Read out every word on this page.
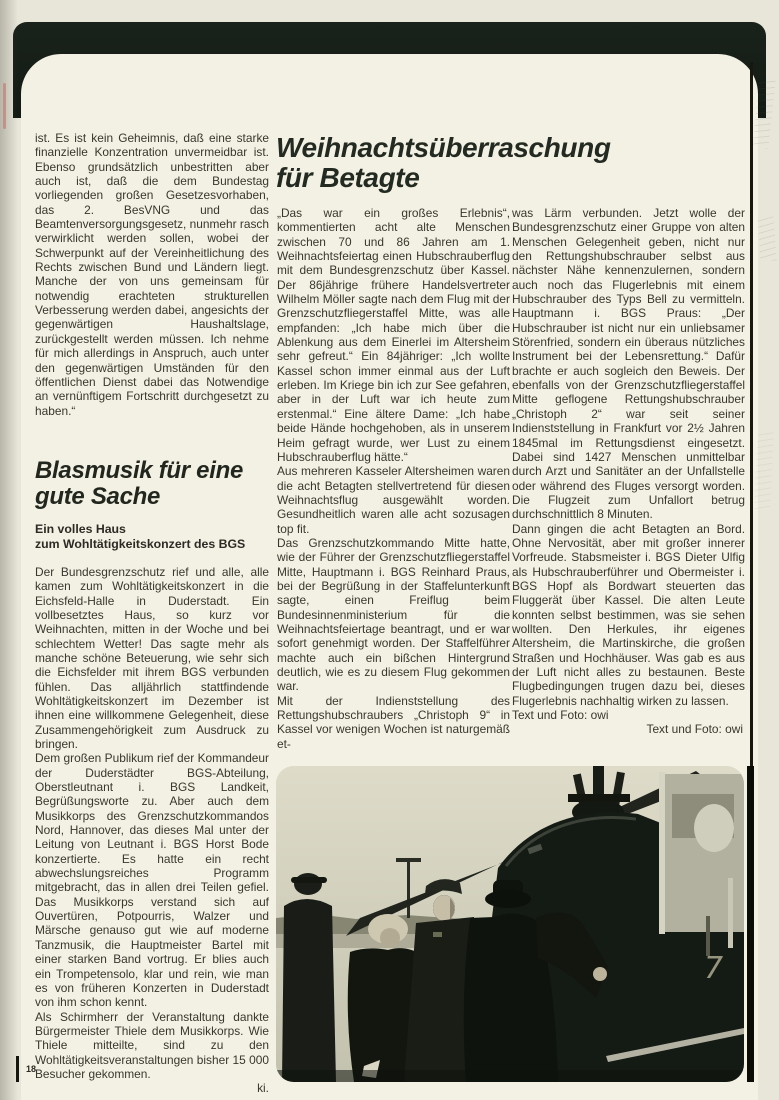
Weihnachtsüberraschung
für Betagte

ist. Es ist kein Geheimnis, daß eine starke finanzielle Konzentration unvermeidbar ist. Ebenso grundsätzlich unbestritten aber auch ist, daß die dem Bundestag vorliegenden großen Gesetzesvorhaben, das 2. BesVNG und das Beamtenversorgungsgesetz, nunmehr rasch verwirklicht werden sollen, wobei der Schwerpunkt auf der Vereinheitlichung des Rechts zwischen Bund und Ländern liegt. Manche der von uns gemeinsam für notwendig erachteten strukturellen Verbesserung werden dabei, angesichts der gegenwärtigen Haushaltslage, zurückgestellt werden müssen. Ich nehme für mich allerdings in Anspruch, auch unter den gegenwärtigen Umständen für den öffentlichen Dienst dabei das Notwendige an vernünftigem Fortschritt durchgesetzt zu haben.“

Blasmusik für eine gute Sache
Ein volles Haus
zum Wohltätigkeitskonzert des BGS

Der Bundesgrenzschutz rief und alle, alle kamen zum Wohltätigkeitskonzert in die Eichsfeld-Halle in Duderstadt. Ein vollbesetztes Haus, so kurz vor Weihnachten, mitten in der Woche und bei schlechtem Wetter! Das sagte mehr als manche schöne Beteuerung, wie sehr sich die Eichsfelder mit ihrem BGS verbunden fühlen. Das alljährlich stattfindende Wohltätigkeitskonzert im Dezember ist ihnen eine willkommene Gelegenheit, diese Zusammengehörigkeit zum Ausdruck zu bringen.

Dem großen Publikum rief der Kommandeur der Duderstädter BGS-Abteilung, Oberstleutnant i. BGS Landkeit, Begrüßungsworte zu. Aber auch dem Musikkorps des Grenzschutzkommandos Nord, Hannover, das dieses Mal unter der Leitung von Leutnant i. BGS Horst Bode konzertierte. Es hatte ein recht abwechslungsreiches Programm mitgebracht, das in allen drei Teilen gefiel. Das Musikkorps verstand sich auf Ouvertüren, Potpourris, Walzer und Märsche genauso gut wie auf moderne Tanzmusik, die Hauptmeister Bartel mit einer starken Band vortrug. Er blies auch ein Trompetensolo, klar und rein, wie man es von früheren Konzerten in Duderstadt von ihm schon kennt.

Als Schirmherr der Veranstaltung dankte Bürgermeister Thiele dem Musikkorps. Wie Thiele mitteilte, sind zu den Wohltätigkeitsveranstaltungen bisher 15 000 Besucher gekommen.

ki.

„Das war ein großes Erlebnis“, kommentierten acht alte Menschen zwischen 70 und 86 Jahren am 1. Weihnachtsfeiertag einen Hubschrauberflug mit dem Bundesgrenzschutz über Kassel. Der 86jährige frühere Handelsvertreter Wilhelm Möller sagte nach dem Flug mit der Grenzschutzfliegerstaffel Mitte, was alle empfanden: „Ich habe mich über die Ablenkung aus dem Einerlei im Altersheim sehr gefreut.“ Ein 84jähriger: „Ich wollte Kassel schon immer einmal aus der Luft erleben. Im Kriege bin ich zur See gefahren, aber in der Luft war ich heute zum erstenmal.“ Eine ältere Dame: „Ich habe beide Hände hochgehoben, als in unserem Heim gefragt wurde, wer Lust zu einem Hubschrauberflug hätte.“

Aus mehreren Kasseler Altersheimen waren die acht Betagten stellvertretend für diesen Weihnachtsflug ausgewählt worden. Gesundheitlich waren alle acht sozusagen top fit.

Das Grenzschutzkommando Mitte hatte, wie der Führer der Grenzschutzfliegerstaffel Mitte, Hauptmann i. BGS Reinhard Praus, bei der Begrüßung in der Staffelunterkunft sagte, einen Freiflug beim Bundesinnenministerium für die Weihnachtsfeiertage beantragt, und er war sofort genehmigt worden. Der Staffelführer machte auch ein bißchen Hintergrund deutlich, wie es zu diesem Flug gekommen war.

Mit der Indienststellung des Rettungshubschraubers „Christoph 9“ in Kassel vor wenigen Wochen ist naturgemäß et-

was Lärm verbunden. Jetzt wolle der Bundesgrenzschutz einer Gruppe von alten Menschen Gelegenheit geben, nicht nur den Rettungshubschrauber selbst aus nächster Nähe kennenzulernen, sondern auch noch das Flugerlebnis mit einem Hubschrauber des Typs Bell zu vermitteln. Hauptmann i. BGS Praus: „Der Hubschrauber ist nicht nur ein unliebsamer Störenfried, sondern ein überaus nützliches Instrument bei der Lebensrettung.“ Dafür brachte er auch sogleich den Beweis. Der ebenfalls von der Grenzschutzfliegerstaffel Mitte geflogene Rettungshubschrauber „Christoph 2“ war seit seiner Indienststellung in Frankfurt vor 2½ Jahren 1845mal im Rettungsdienst eingesetzt. Dabei sind 1427 Menschen unmittelbar durch Arzt und Sanitäter an der Unfallstelle oder während des Fluges versorgt worden. Die Flugzeit zum Unfallort betrug durchschnittlich 8 Minuten.

Dann gingen die acht Betagten an Bord. Ohne Nervosität, aber mit großer innerer Vorfreude. Stabsmeister i. BGS Dieter Ulfig als Hubschrauberführer und Obermeister i. BGS Hopf als Bordwart steuerten das Fluggerät über Kassel. Die alten Leute konnten selbst bestimmen, was sie sehen wollten. Den Herkules, ihr eigenes Altersheim, die Martinskirche, die großen Straßen und Hochhäuser. Was gab es aus der Luft nicht alles zu bestaunen. Beste Flugbedingungen trugen dazu bei, dieses Flugerlebnis nachhaltig wirken zu lassen.

Text und Foto: owi

Text und Foto: owi

7
18
